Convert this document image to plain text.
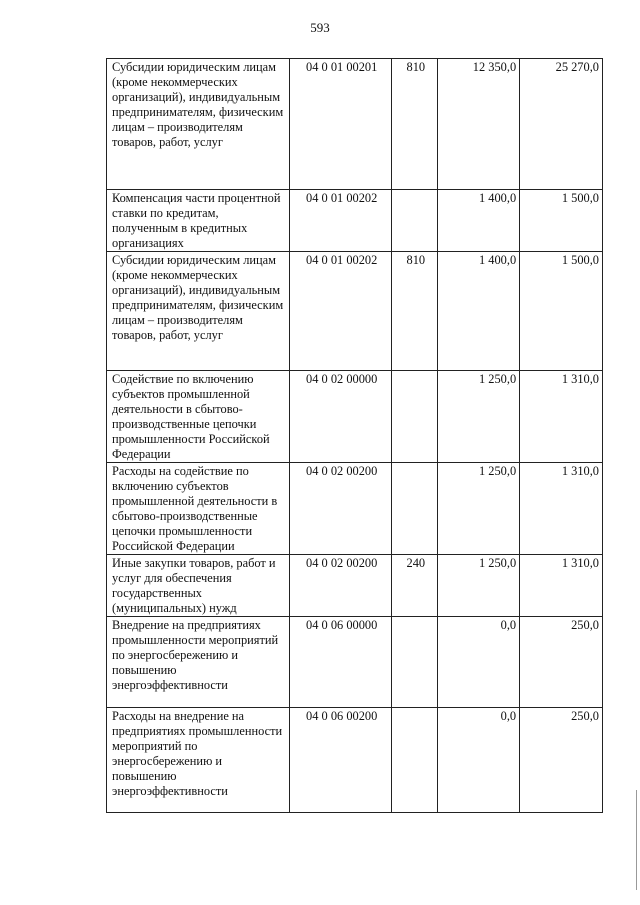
593
Субсидии юридическим лицам (кроме некоммерческих организаций), индивидуальным предпринимателям, физическим лицам – производителям товаров, работ, услуг	04 0 01 00201	810	12 350,0	25 270,0
Компенсация части процентной ставки по кредитам, полученным в кредитных организациях	04 0 01 00202		1 400,0	1 500,0
Субсидии юридическим лицам (кроме некоммерческих организаций), индивидуальным предпринимателям, физическим лицам – производителям товаров, работ, услуг	04 0 01 00202	810	1 400,0	1 500,0
Содействие по включению субъектов промышленной деятельности в сбытово-производственные цепочки промышленности Российской Федерации	04 0 02 00000		1 250,0	1 310,0
Расходы на содействие по включению субъектов промышленной деятельности в сбытово-производственные цепочки промышленности Российской Федерации	04 0 02 00200		1 250,0	1 310,0
Иные закупки товаров, работ и услуг для обеспечения государственных (муниципальных) нужд	04 0 02 00200	240	1 250,0	1 310,0
Внедрение на предприятиях промышленности мероприятий по энергосбережению и повышению энергоэффективности	04 0 06 00000		0,0	250,0
Расходы на внедрение на предприятиях промышленности мероприятий по энергосбережению и повышению энергоэффективности	04 0 06 00200		0,0	250,0
